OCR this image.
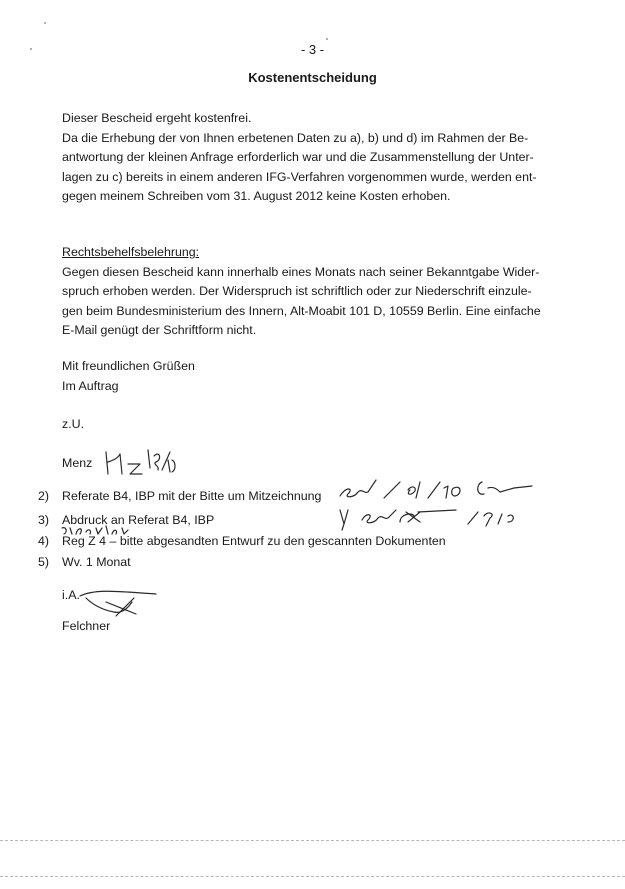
- 3 -
Kostenentscheidung
Dieser Bescheid ergeht kostenfrei.
Da die Erhebung der von Ihnen erbetenen Daten zu a), b) und d) im Rahmen der Be-
antwortung der kleinen Anfrage erforderlich war und die Zusammenstellung der Unter-
lagen zu c) bereits in einem anderen IFG-Verfahren vorgenommen wurde, werden ent-
gegen meinem Schreiben vom 31. August 2012 keine Kosten erhoben.
Rechtsbehelfsbelehrung:
Gegen diesen Bescheid kann innerhalb eines Monats nach seiner Bekanntgabe Wider-
spruch erhoben werden. Der Widerspruch ist schriftlich oder zur Niederschrift einzule-
gen beim Bundesministerium des Innern, Alt-Moabit 101 D, 10559 Berlin. Eine einfache
E-Mail genügt der Schriftform nicht.
Mit freundlichen Grüßen
Im Auftrag
z.U.
Menz
2) Referate B4, IBP mit der Bitte um Mitzeichnung
3) Abdruck an Referat B4, IBP
4) Reg Z 4 – bitte abgesandten Entwurf zu den gescannten Dokumenten
5) Wv. 1 Monat
i.A.
Felchner
